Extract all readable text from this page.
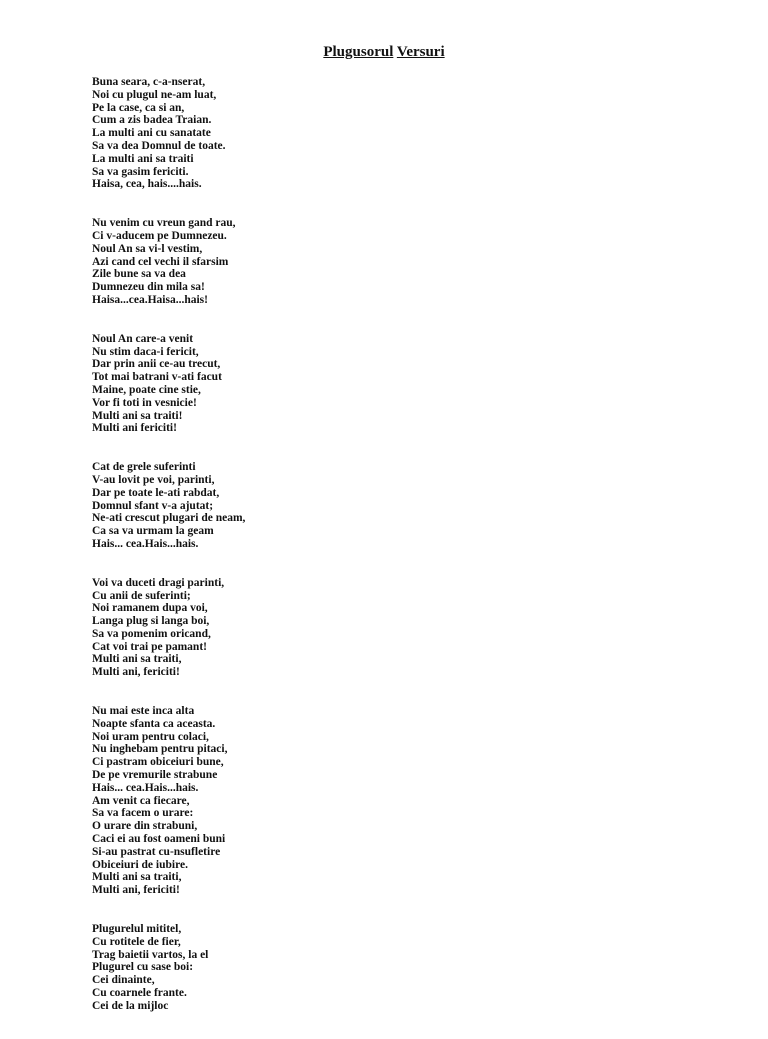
Plugusorul Versuri
Buna seara, c-a-nserat,
Noi cu plugul ne-am luat,
Pe la case, ca si an,
Cum a zis badea Traian.
La multi ani cu sanatate
Sa va dea Domnul de toate.
La multi ani sa traiti
Sa va gasim fericiti.
Haisa, cea, hais....hais.
Nu venim cu vreun gand rau,
Ci v-aducem pe Dumnezeu.
Noul An sa vi-l vestim,
Azi cand cel vechi il sfarsim
Zile bune sa va dea
Dumnezeu din mila sa!
Haisa...cea.Haisa...hais!
Noul An care-a venit
Nu stim daca-i fericit,
Dar prin anii ce-au trecut,
Tot mai batrani v-ati facut
Maine, poate cine stie,
Vor fi toti in vesnicie!
Multi ani sa traiti!
Multi ani fericiti!
Cat de grele suferinti
V-au lovit pe voi, parinti,
Dar pe toate le-ati rabdat,
Domnul sfant v-a ajutat;
Ne-ati crescut plugari de neam,
Ca sa va urmam la geam
Hais... cea.Hais...hais.
Voi va duceti dragi parinti,
Cu anii de suferinti;
Noi ramanem dupa voi,
Langa plug si langa boi,
Sa va pomenim oricand,
Cat voi trai pe pamant!
Multi ani sa traiti,
Multi ani, fericiti!
Nu mai este inca alta
Noapte sfanta ca aceasta.
Noi uram pentru colaci,
Nu inghebam pentru pitaci,
Ci pastram obiceiuri bune,
De pe vremurile strabune
Hais... cea.Hais...hais.
Am venit ca fiecare,
Sa va facem o urare:
O urare din strabuni,
Caci ei au fost oameni buni
Si-au pastrat cu-nsufletire
Obiceiuri de iubire.
Multi ani sa traiti,
Multi ani, fericiti!
Plugurelul mititel,
Cu rotitele de fier,
Trag baietii vartos, la el
Plugurel cu sase boi:
Cei dinainte,
Cu coarnele frante.
Cei de la mijloc
